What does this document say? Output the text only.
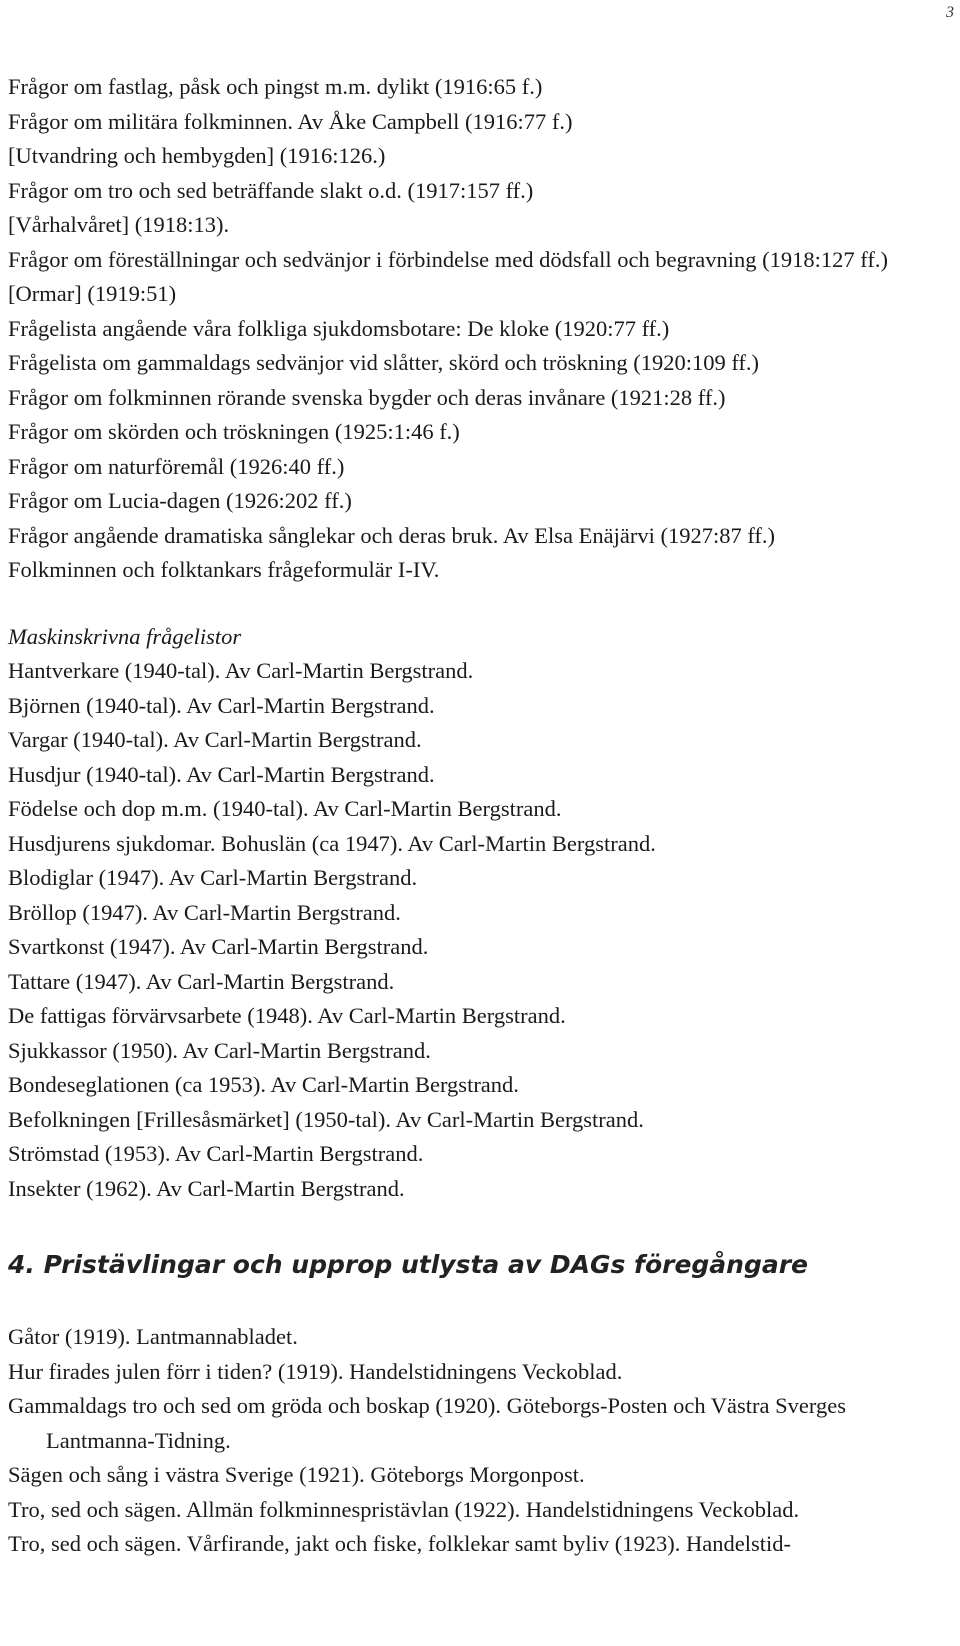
3

Frågor om fastlag, påsk och pingst m.m. dylikt (1916:65 f.)

Frågor om militära folkminnen. Av Åke Campbell (1916:77 f.)

[Utvandring och hembygden] (1916:126.)

Frågor om tro och sed beträffande slakt o.d. (1917:157 ff.)

[Vårhalvåret] (1918:13).

Frågor om föreställningar och sedvänjor i förbindelse med dödsfall och begravning (1918:127 ff.)

[Ormar] (1919:51)

Frågelista angående våra folkliga sjukdomsbotare: De kloke (1920:77 ff.)

Frågelista om gammaldags sedvänjor vid slåtter, skörd och tröskning (1920:109 ff.)

Frågor om folkminnen rörande svenska bygder och deras invånare (1921:28 ff.)

Frågor om skörden och tröskningen (1925:1:46 f.)

Frågor om naturföremål (1926:40 ff.)

Frågor om Lucia-dagen (1926:202 ff.)

Frågor angående dramatiska sånglekar och deras bruk. Av Elsa Enäjärvi (1927:87 ff.)

Folkminnen och folktankars frågeformulär I-IV.

Maskinskrivna frågelistor

Hantverkare (1940-tal). Av Carl-Martin Bergstrand.

Björnen (1940-tal). Av Carl-Martin Bergstrand.

Vargar (1940-tal). Av Carl-Martin Bergstrand.

Husdjur (1940-tal). Av Carl-Martin Bergstrand.

Födelse och dop m.m. (1940-tal). Av Carl-Martin Bergstrand.

Husdjurens sjukdomar. Bohuslän (ca 1947). Av Carl-Martin Bergstrand.

Blodiglar (1947). Av Carl-Martin Bergstrand.

Bröllop (1947). Av Carl-Martin Bergstrand.

Svartkonst (1947). Av Carl-Martin Bergstrand.

Tattare (1947). Av Carl-Martin Bergstrand.

De fattigas förvärvsarbete (1948). Av Carl-Martin Bergstrand.

Sjukkassor (1950). Av Carl-Martin Bergstrand.

Bondeseglationen (ca 1953). Av Carl-Martin Bergstrand.

Befolkningen [Frillesåsmärket] (1950-tal). Av Carl-Martin Bergstrand.

Strömstad (1953). Av Carl-Martin Bergstrand.

Insekter (1962). Av Carl-Martin Bergstrand.

4. Pristävlingar och upprop utlysta av DAGs föregångare

Gåtor (1919). Lantmannabladet.

Hur firades julen förr i tiden? (1919). Handelstidningens Veckoblad.

Gammaldags tro och sed om gröda och boskap (1920). Göteborgs-Posten och Västra Sverges Lantmanna-Tidning.

Sägen och sång i västra Sverige (1921). Göteborgs Morgonpost.

Tro, sed och sägen. Allmän folkminnespristävlan (1922). Handelstidningens Veckoblad.

Tro, sed och sägen. Vårfirande, jakt och fiske, folklekar samt byliv (1923). Handelstid-
